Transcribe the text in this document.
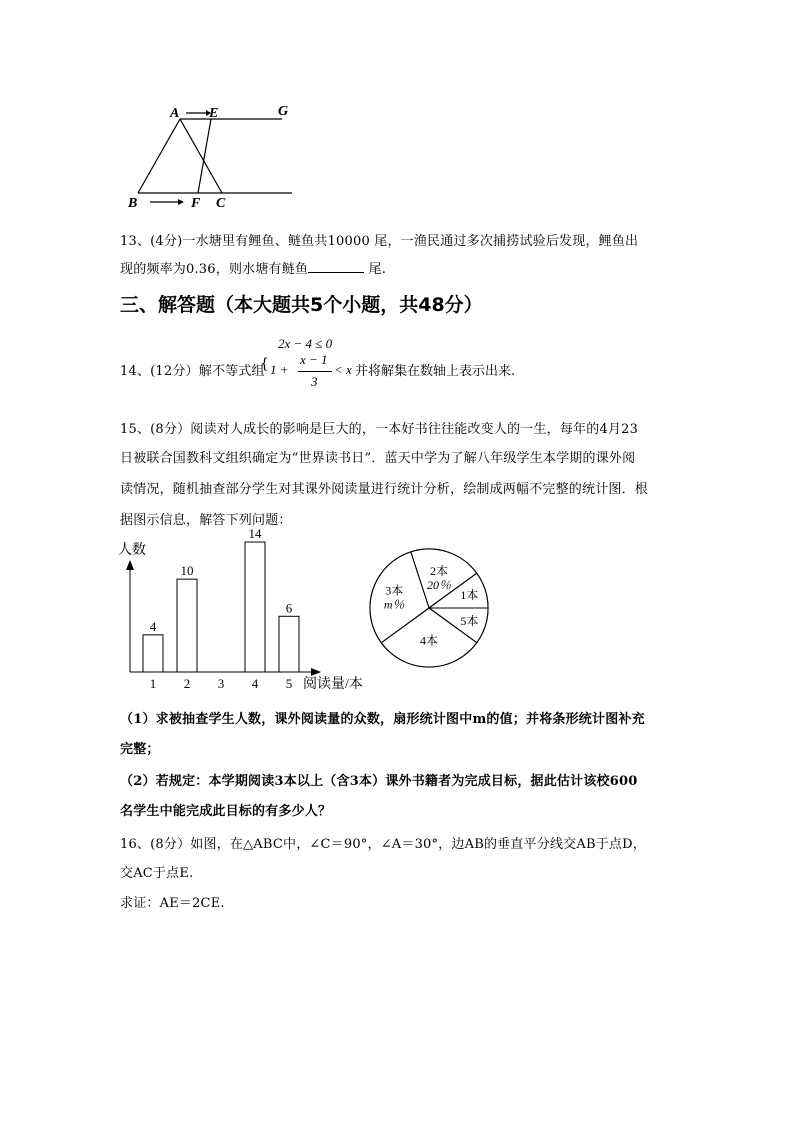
A E	G
B	F C
13、(4分)一水塘里有鲤鱼、鲢鱼共10000 尾，一渔民通过多次捕捞试验后发现，鲤鱼出
现的频率为0.36，则水塘有鲢鱼	尾.
三、解答题（本大题共5个小题，共48分）
2x − 4 ≤ 0
14、(12分）解不等式组
{ 1 +
x − 1
3
< x 并将解集在数轴上表示出来.
15、(8分）阅读对人成长的影响是巨大的，一本好书往往能改变人的一生，每年的4月23
日被联合国教科文组织确定为“世界读书日”．蓝天中学为了解八年级学生本学期的课外阅
读情况，随机抽查部分学生对其课外阅读量进行统计分析，绘制成两幅不完整的统计图．根
据图示信息，解答下列问题：
人数
阅读量/本
1
4
2
10
3 4
14
5
6
2本
20％
1本
5本
4本
3本
m％
（1）求被抽查学生人数，课外阅读量的众数，扇形统计图中m的值；并将条形统计图补充
完整；
（2）若规定：本学期阅读3本以上（含3本）课外书籍者为完成目标，据此估计该校600
名学生中能完成此目标的有多少人？
16、(8分）如图，在△ABC中，∠C＝90°，∠A＝30°，边AB的垂直平分线交AB于点D，
交AC于点E.
求证：AE＝2CE.
